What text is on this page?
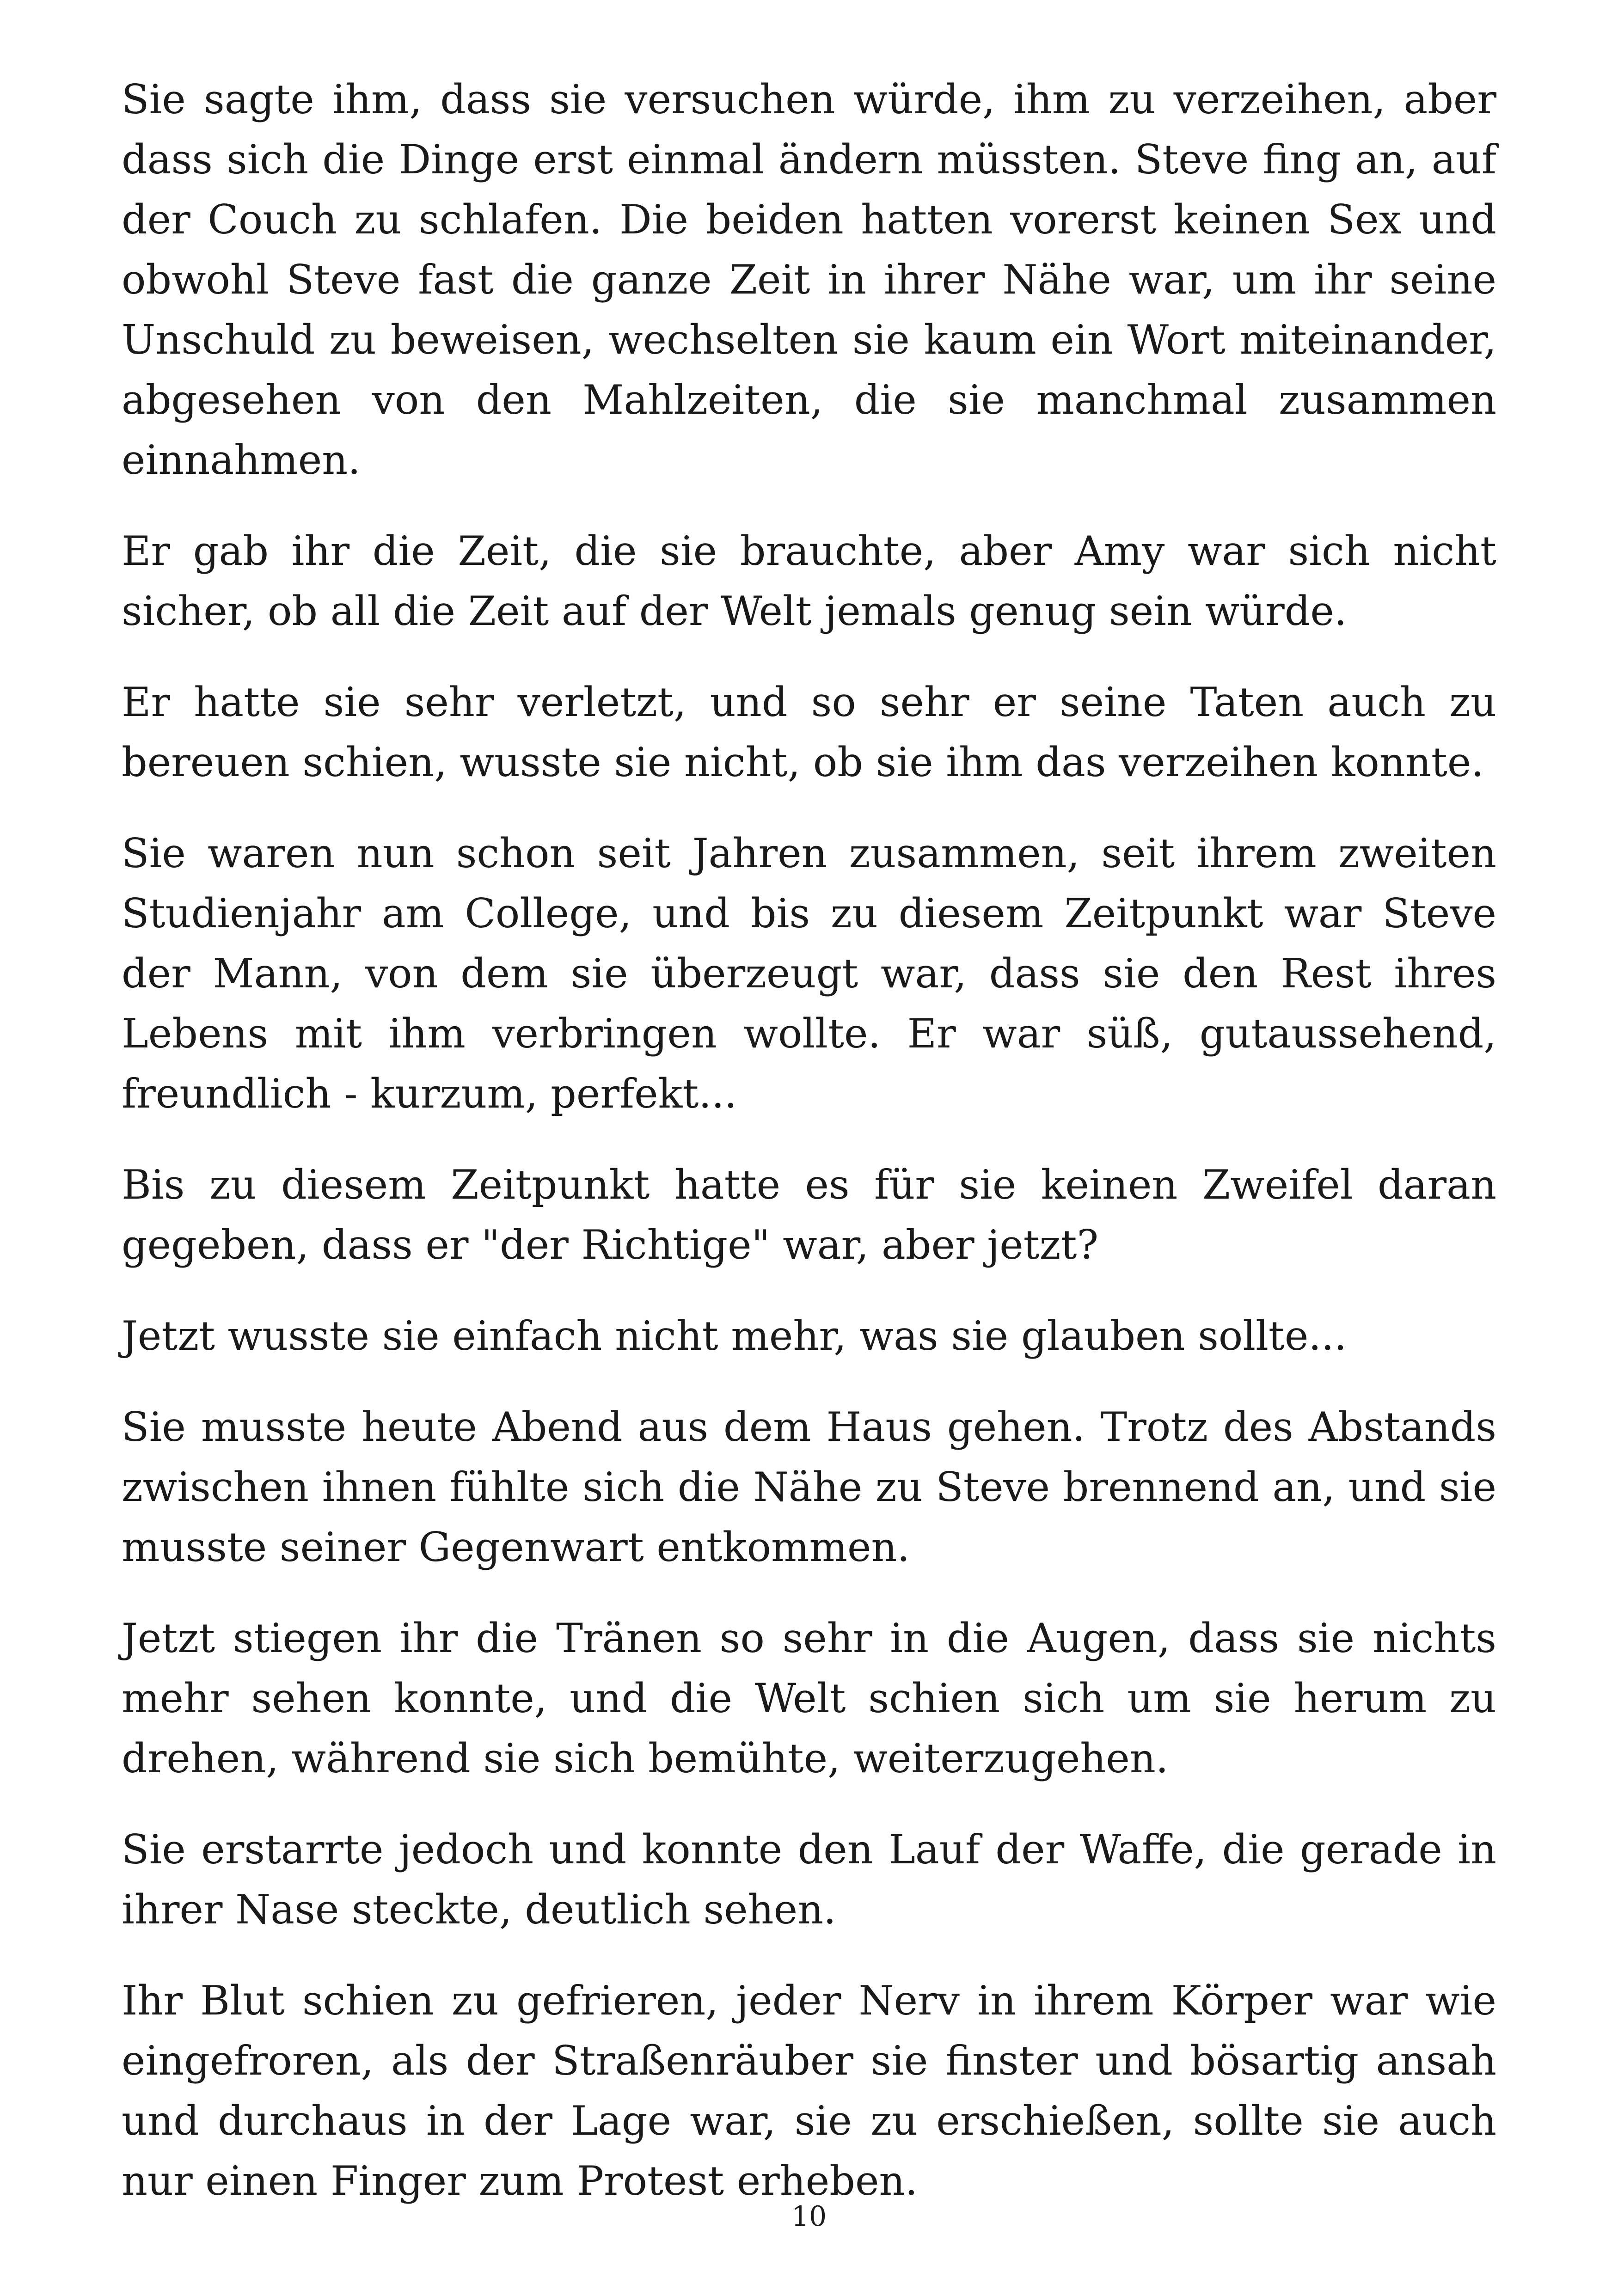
Sie sagte ihm, dass sie versuchen würde, ihm zu verzeihen, aber dass sich die Dinge erst einmal ändern müssten. Steve fing an, auf der Couch zu schlafen. Die beiden hatten vorerst keinen Sex und obwohl Steve fast die ganze Zeit in ihrer Nähe war, um ihr seine Unschuld zu beweisen, wechselten sie kaum ein Wort miteinander, abgesehen von den Mahlzeiten, die sie manchmal zusammen einnahmen.

Er gab ihr die Zeit, die sie brauchte, aber Amy war sich nicht sicher, ob all die Zeit auf der Welt jemals genug sein würde.

Er hatte sie sehr verletzt, und so sehr er seine Taten auch zu bereuen schien, wusste sie nicht, ob sie ihm das verzeihen konnte.

Sie waren nun schon seit Jahren zusammen, seit ihrem zweiten Studienjahr am College, und bis zu diesem Zeitpunkt war Steve der Mann, von dem sie überzeugt war, dass sie den Rest ihres Lebens mit ihm verbringen wollte. Er war süß, gutaussehend, freundlich - kurzum, perfekt...

Bis zu diesem Zeitpunkt hatte es für sie keinen Zweifel daran gegeben, dass er "der Richtige" war, aber jetzt?

Jetzt wusste sie einfach nicht mehr, was sie glauben sollte...

Sie musste heute Abend aus dem Haus gehen. Trotz des Abstands zwischen ihnen fühlte sich die Nähe zu Steve brennend an, und sie musste seiner Gegenwart entkommen.

Jetzt stiegen ihr die Tränen so sehr in die Augen, dass sie nichts mehr sehen konnte, und die Welt schien sich um sie herum zu drehen, während sie sich bemühte, weiterzugehen.

Sie erstarrte jedoch und konnte den Lauf der Waffe, die gerade in ihrer Nase steckte, deutlich sehen.

Ihr Blut schien zu gefrieren, jeder Nerv in ihrem Körper war wie eingefroren, als der Straßenräuber sie finster und bösartig ansah und durchaus in der Lage war, sie zu erschießen, sollte sie auch nur einen Finger zum Protest erheben.

10
